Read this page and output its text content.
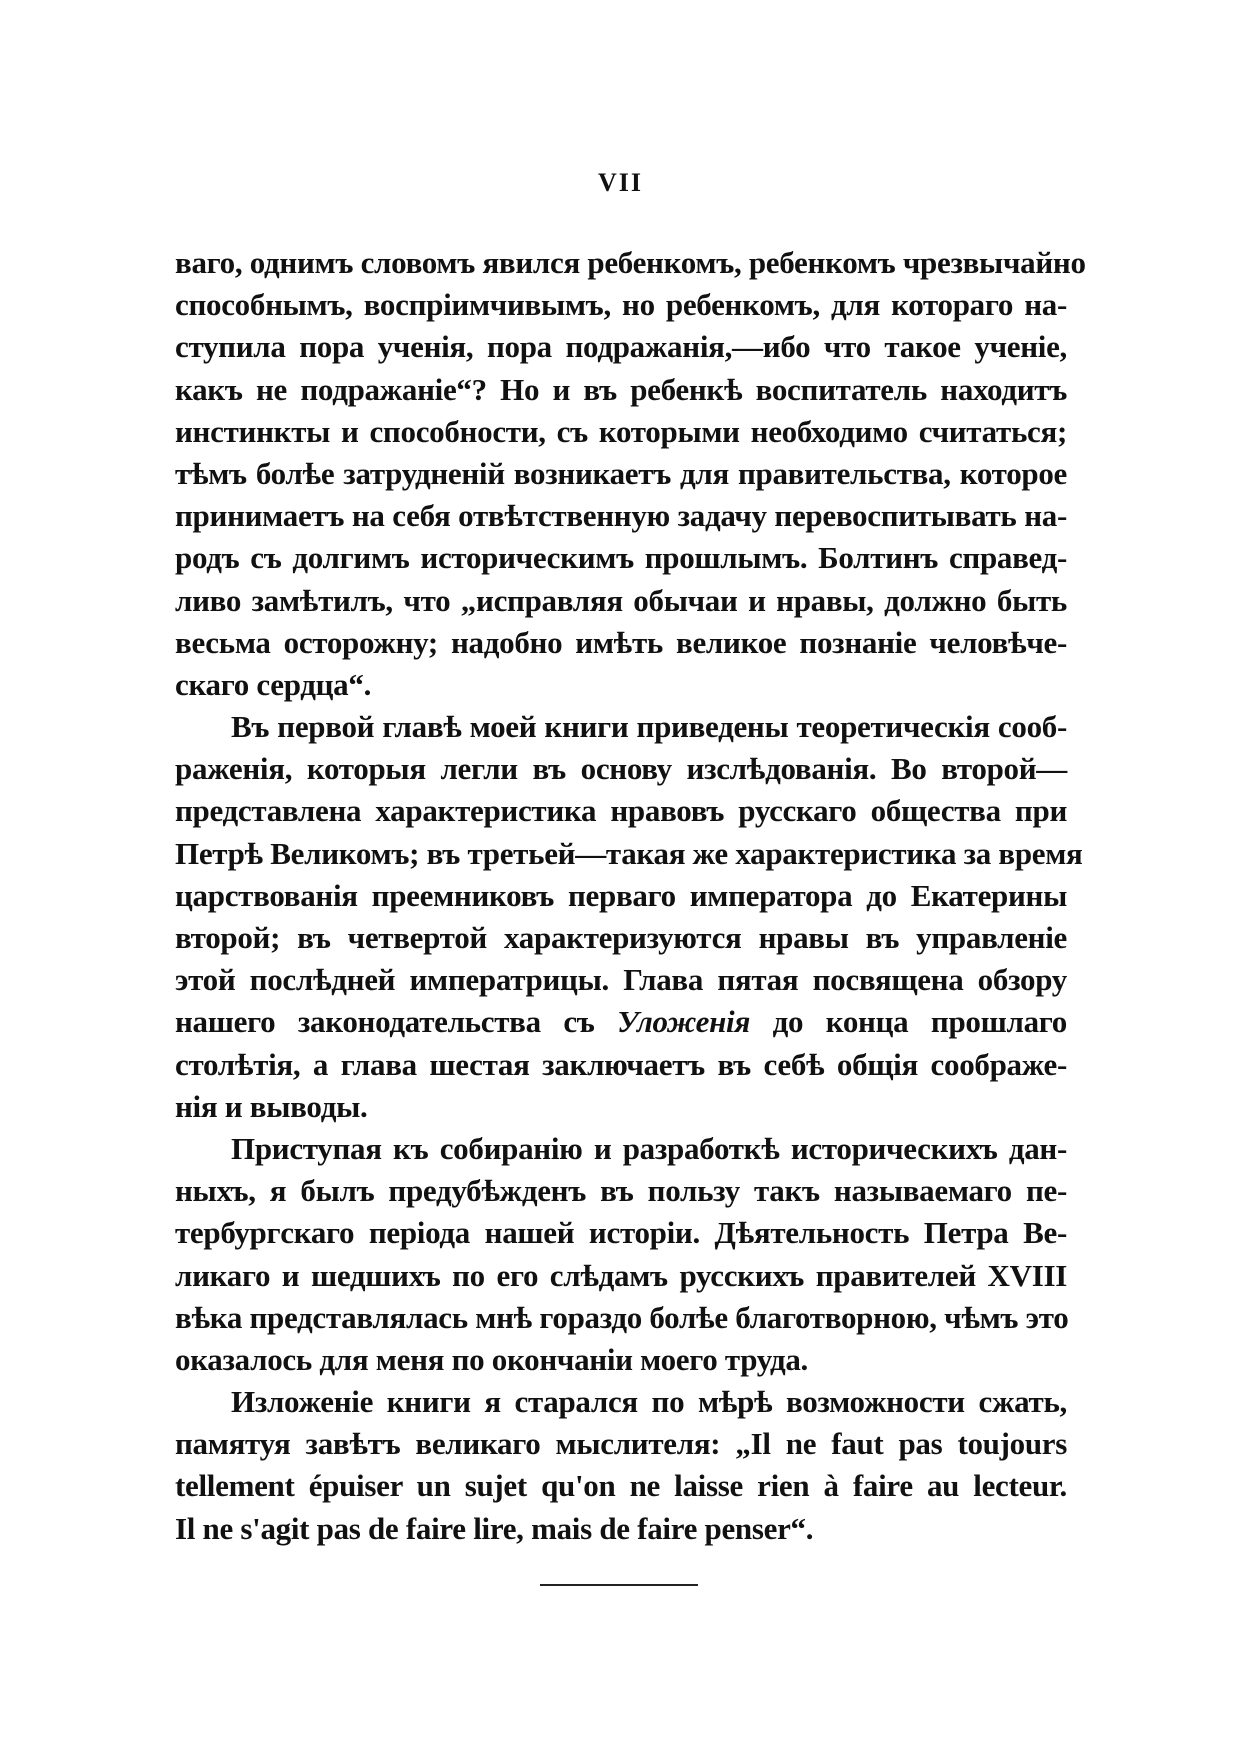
VII
ваго, однимъ словомъ явился ребенкомъ, ребенкомъ чрезвычайно
способнымъ, воспріимчивымъ, но ребенкомъ, для котораго на-
ступила пора ученія, пора подражанія,—ибо что такое ученіе,
какъ не подражаніе“? Но и въ ребенкѣ воспитатель находитъ
инстинкты и способности, съ которыми необходимо считаться;
тѣмъ болѣе затрудненій возникаетъ для правительства, которое
принимаетъ на себя отвѣтственную задачу перевоспитывать на-
родъ съ долгимъ историческимъ прошлымъ. Болтинъ справед-
ливо замѣтилъ, что „исправляя обычаи и нравы, должно быть
весьма осторожну; надобно имѣть великое познаніе человѣче-
скаго сердца“.
Въ первой главѣ моей книги приведены теоретическія сооб-
раженія, которыя легли въ основу изслѣдованія. Во второй—
представлена характеристика нравовъ русскаго общества при
Петрѣ Великомъ; въ третьей—такая же характеристика за время
царствованія преемниковъ перваго императора до Екатерины
второй; въ четвертой характеризуются нравы въ управленіе
этой послѣдней императрицы. Глава пятая посвящена обзору
нашего законодательства съ Уложенія до конца прошлаго
столѣтія, а глава шестая заключаетъ въ себѣ общія соображе-
нія и выводы.
Приступая къ собиранію и разработкѣ историческихъ дан-
ныхъ, я былъ предубѣжденъ въ пользу такъ называемаго пе-
тербургскаго періода нашей исторіи. Дѣятельность Петра Ве-
ликаго и шедшихъ по его слѣдамъ русскихъ правителей XVIII
вѣка представлялась мнѣ гораздо болѣе благотворною, чѣмъ это
оказалось для меня по окончаніи моего труда.
Изложеніе книги я старался по мѣрѣ возможности сжать,
памятуя завѣтъ великаго мыслителя: „Il ne faut pas toujours
tellement épuiser un sujet qu'on ne laisse rien à faire au lecteur.
Il ne s'agit pas de faire lire, mais de faire penser“.
